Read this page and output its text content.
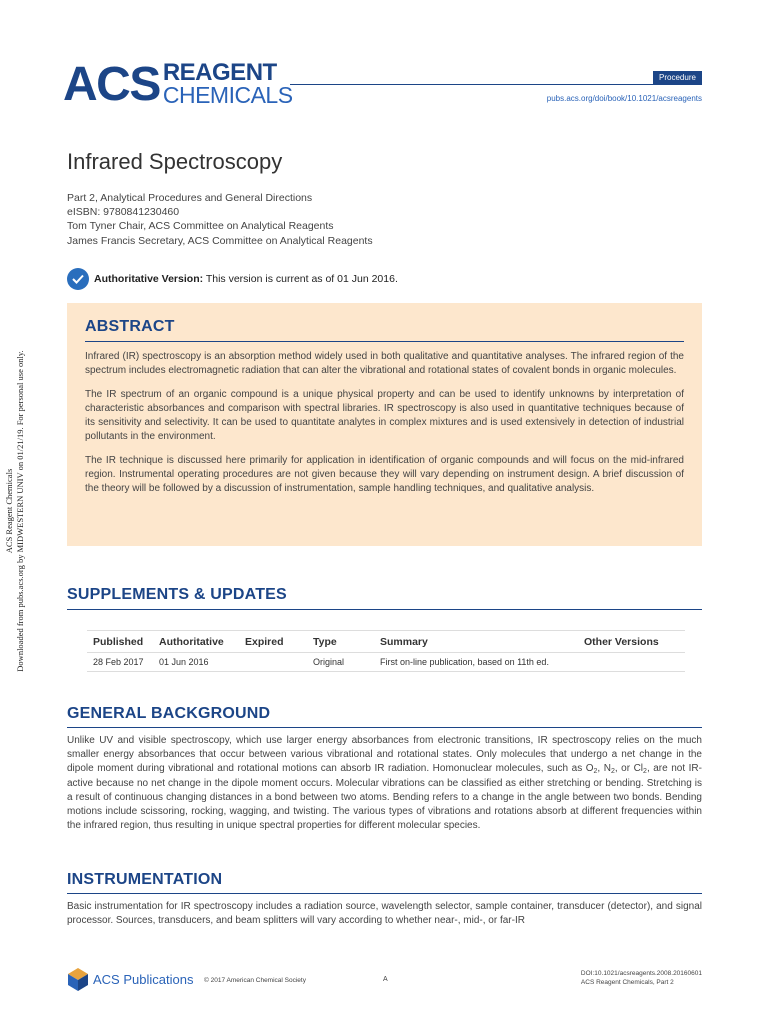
ACS REAGENT
CHEMICALS
Procedure
pubs.acs.org/doi/book/10.1021/acsreagents
Infrared Spectroscopy
Part 2, Analytical Procedures and General Directions
eISBN: 9780841230460
Tom Tyner Chair, ACS Committee on Analytical Reagents
James Francis Secretary, ACS Committee on Analytical Reagents
Authoritative Version: This version is current as of 01 Jun 2016.
ABSTRACT

Infrared (IR) spectroscopy is an absorption method widely used in both qualitative and quantitative analyses. The infrared region of the spectrum includes electromagnetic radiation that can alter the vibrational and rotational states of covalent bonds in organic molecules.

The IR spectrum of an organic compound is a unique physical property and can be used to identify unknowns by interpretation of characteristic absorbances and comparison with spectral libraries. IR spectroscopy is also used in quantitative techniques because of its sensitivity and selectivity. It can be used to quantitate analytes in complex mixtures and is used extensively in detection of industrial pollutants in the environment.

The IR technique is discussed here primarily for application in identification of organic compounds and will focus on the mid-infrared region. Instrumental operating procedures are not given because they will vary depending on instrument design. A brief discussion of the theory will be followed by a discussion of instrumentation, sample handling techniques, and qualitative analysis.

SUPPLEMENTS & UPDATES
Published	Authoritative	Expired	Type	Summary	Other Versions
28 Feb 2017	01 Jun 2016		Original	First on-line publication, based on 11th ed.	
GENERAL BACKGROUND

Unlike UV and visible spectroscopy, which use larger energy absorbances from electronic transitions, IR spectroscopy relies on the much smaller energy absorbances that occur between various vibrational and rotational states. Only molecules that undergo a net change in the dipole moment during vibrational and rotational motions can absorb IR radiation. Homonuclear molecules, such as $O_2$, $N_2$, or $Cl_2$, are not IR-active because no net change in the dipole moment occurs. Molecular vibrations can be classified as either stretching or bending. Stretching is a result of continuous changing distances in a bond between two atoms. Bending refers to a change in the angle between two bonds. Bending motions include scissoring, rocking, wagging, and twisting. The various types of vibrations and rotations absorb at different frequencies within the infrared region, thus resulting in unique spectral properties for different molecular species.

INSTRUMENTATION

Basic instrumentation for IR spectroscopy includes a radiation source, wavelength selector, sample container, transducer (detector), and signal processor. Sources, transducers, and beam splitters will vary according to whether near-, mid-, or far-IR

ACS Reagent Chemicals Downloaded from pubs.acs.org by MIDWESTERN UNIV on 01/21/19. For personal use only.
ACS Publications © 2017 American Chemical Society	A
DOI:10.1021/acsreagents.2008.20160601
ACS Reagent Chemicals, Part 2
